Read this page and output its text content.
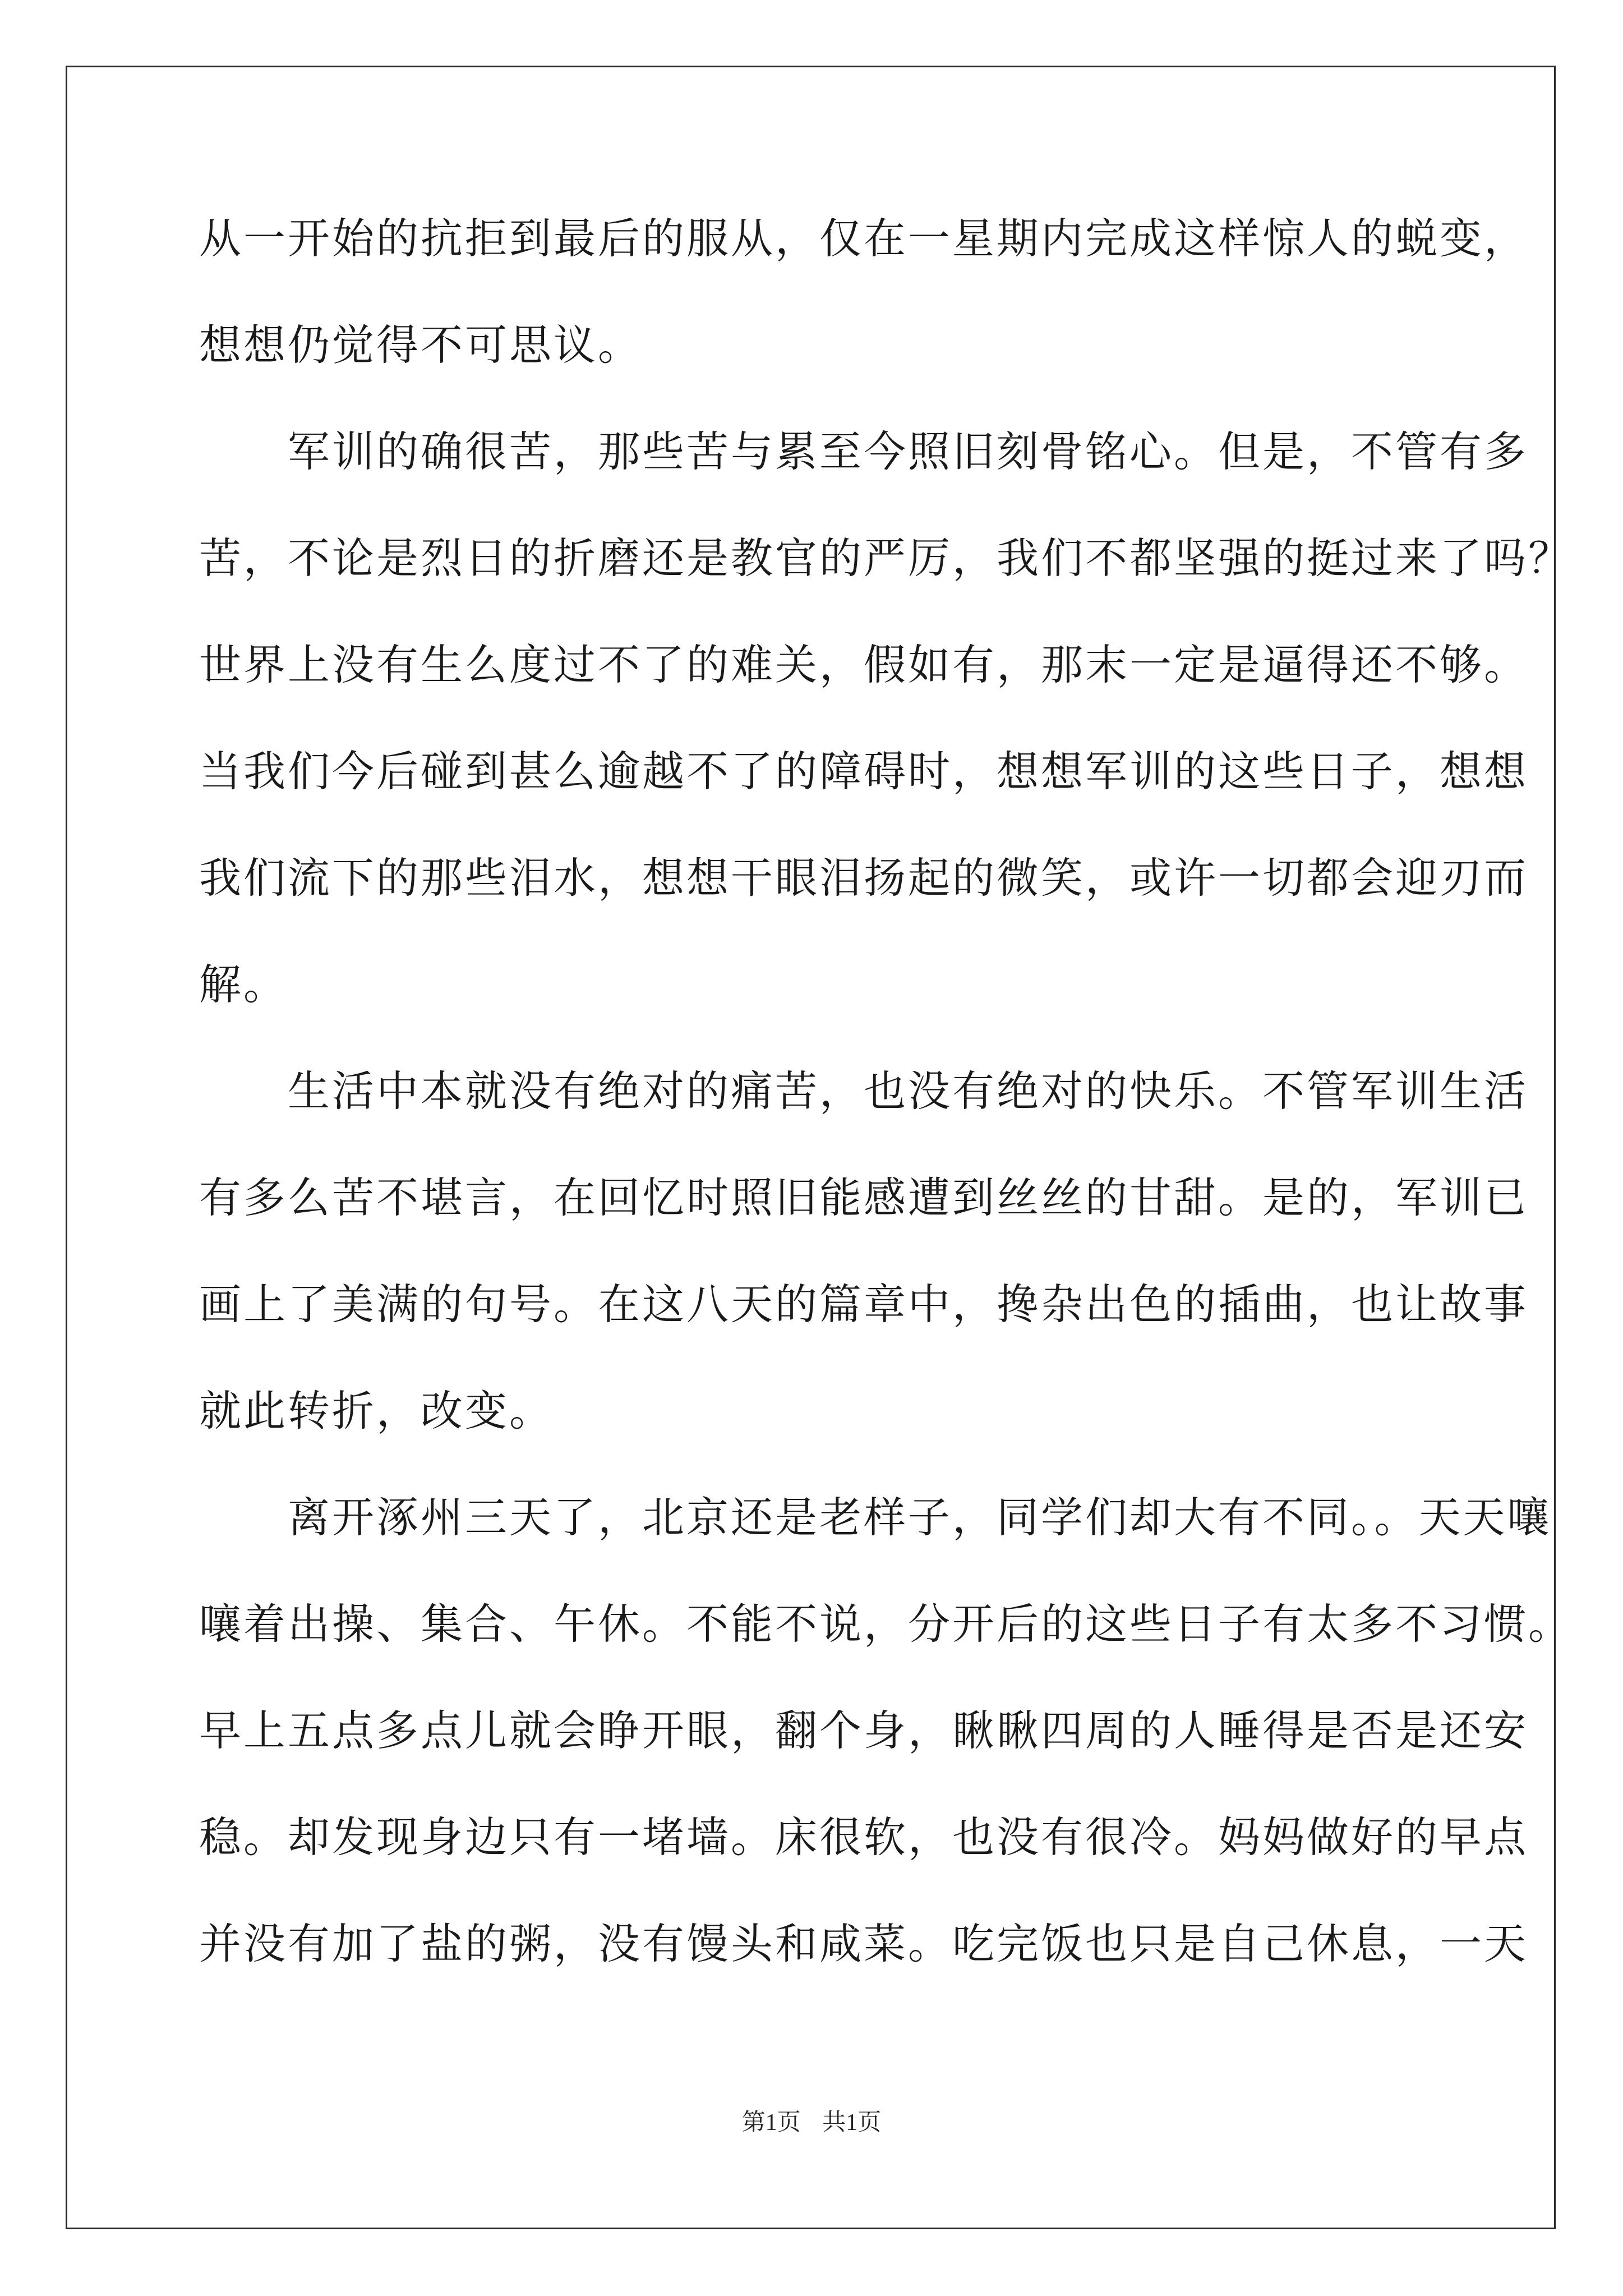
从一开始的抗拒到最后的服从，仅在一星期内完成这样惊人的蜕变，
想想仍觉得不可思议。
　　军训的确很苦，那些苦与累至今照旧刻骨铭心。但是，不管有多
苦，不论是烈日的折磨还是教官的严厉，我们不都坚强的挺过来了吗？
世界上没有生么度过不了的难关，假如有，那末一定是逼得还不够。
当我们今后碰到甚么逾越不了的障碍时，想想军训的这些日子，想想
我们流下的那些泪水，想想干眼泪扬起的微笑，或许一切都会迎刃而
解。
　　生活中本就没有绝对的痛苦，也没有绝对的快乐。不管军训生活
有多么苦不堪言，在回忆时照旧能感遭到丝丝的甘甜。是的，军训已
画上了美满的句号。在这八天的篇章中，搀杂出色的插曲，也让故事
就此转折，改变。
　　离开涿州三天了，北京还是老样子，同学们却大有不同。。天天嚷
嚷着出操、集合、午休。不能不说，分开后的这些日子有太多不习惯。
早上五点多点儿就会睁开眼，翻个身，瞅瞅四周的人睡得是否是还安
稳。却发现身边只有一堵墙。床很软，也没有很冷。妈妈做好的早点
并没有加了盐的粥，没有馒头和咸菜。吃完饭也只是自己休息，一天
第1页 共1页
